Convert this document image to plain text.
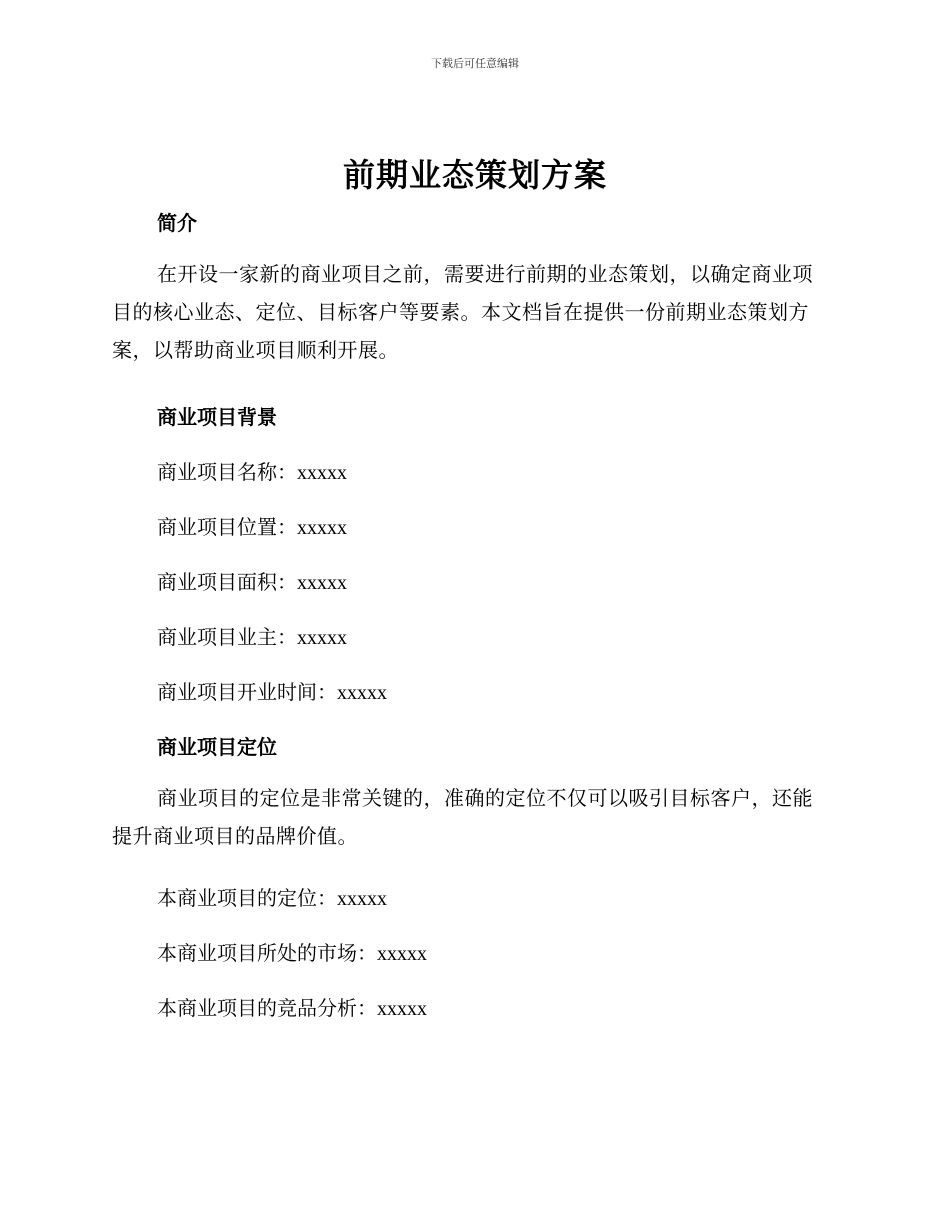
下载后可任意编辑
前期业态策划方案
简介

在开设一家新的商业项目之前，需要进行前期的业态策划，以确定商业项目的核心业态、定位、目标客户等要素。本文档旨在提供一份前期业态策划方案，以帮助商业项目顺利开展。

商业项目背景

商业项目名称：xxxxx

商业项目位置：xxxxx

商业项目面积：xxxxx

商业项目业主：xxxxx

商业项目开业时间：xxxxx

商业项目定位

商业项目的定位是非常关键的，准确的定位不仅可以吸引目标客户，还能提升商业项目的品牌价值。

本商业项目的定位：xxxxx

本商业项目所处的市场：xxxxx

本商业项目的竞品分析：xxxxx
